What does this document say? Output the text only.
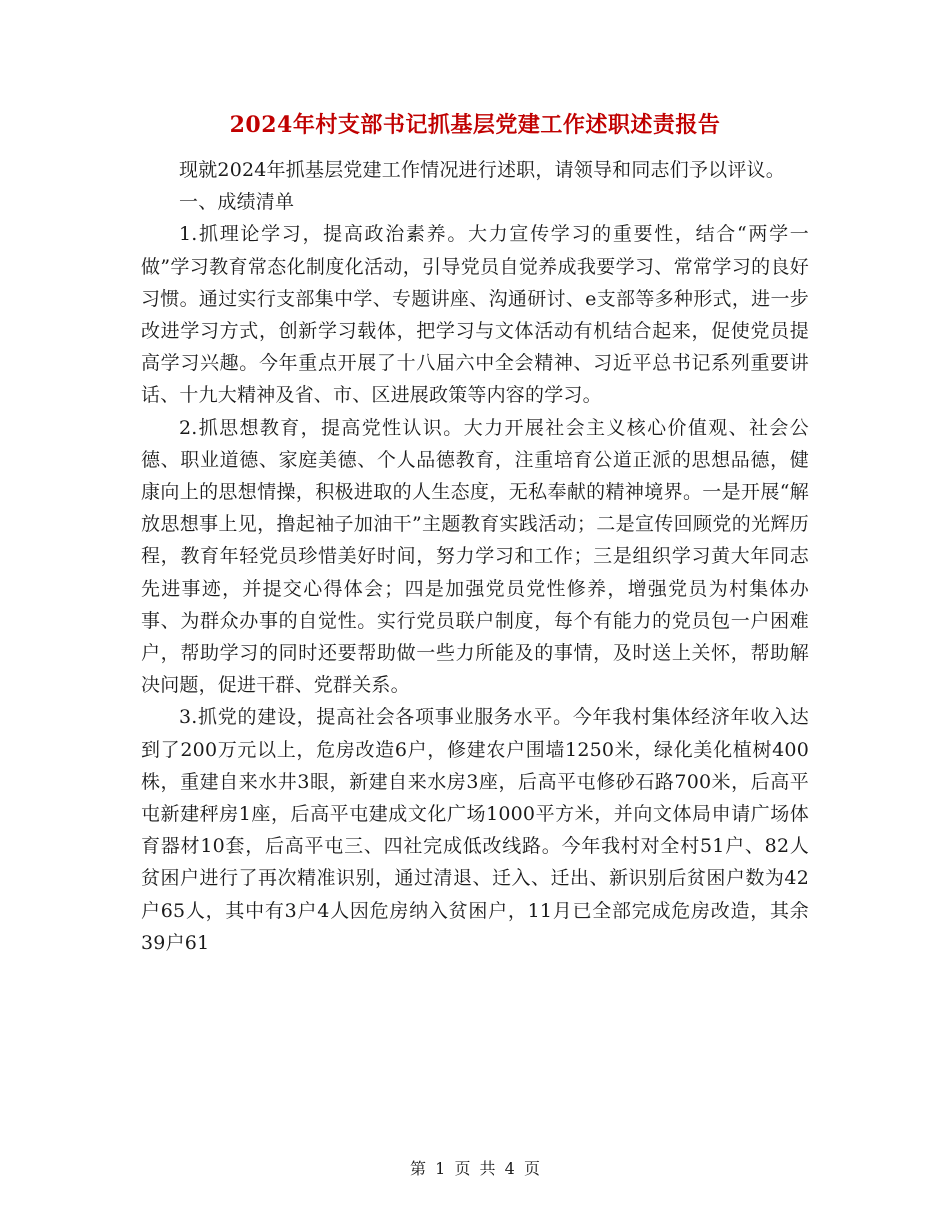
2024年村支部书记抓基层党建工作述职述责报告

现就2024年抓基层党建工作情况进行述职，请领导和同志们予以评议。

一、成绩清单

1.抓理论学习，提高政治素养。大力宣传学习的重要性，结合“两学一做”学习教育常态化制度化活动，引导党员自觉养成我要学习、常常学习的良好习惯。通过实行支部集中学、专题讲座、沟通研讨、e支部等多种形式，进一步改进学习方式，创新学习载体，把学习与文体活动有机结合起来，促使党员提高学习兴趣。今年重点开展了十八届六中全会精神、习近平总书记系列重要讲话、十九大精神及省、市、区进展政策等内容的学习。

2.抓思想教育，提高党性认识。大力开展社会主义核心价值观、社会公德、职业道德、家庭美德、个人品德教育，注重培育公道正派的思想品德，健康向上的思想情操，积极进取的人生态度，无私奉献的精神境界。一是开展“解放思想事上见，撸起袖子加油干”主题教育实践活动；二是宣传回顾党的光辉历程，教育年轻党员珍惜美好时间，努力学习和工作；三是组织学习黄大年同志先进事迹，并提交心得体会；四是加强党员党性修养，增强党员为村集体办事、为群众办事的自觉性。实行党员联户制度，每个有能力的党员包一户困难户，帮助学习的同时还要帮助做一些力所能及的事情，及时送上关怀，帮助解决问题，促进干群、党群关系。

3.抓党的建设，提高社会各项事业服务水平。今年我村集体经济年收入达到了200万元以上，危房改造6户，修建农户围墙1250米，绿化美化植树400株，重建自来水井3眼，新建自来水房3座，后高平屯修砂石路700米，后高平屯新建秤房1座，后高平屯建成文化广场1000平方米，并向文体局申请广场体育器材10套，后高平屯三、四社完成低改线路。今年我村对全村51户、82人贫困户进行了再次精准识别，通过清退、迁入、迁出、新识别后贫困户数为42户65人，其中有3户4人因危房纳入贫困户，11月已全部完成危房改造，其余39户61

第 1 页 共 4 页
